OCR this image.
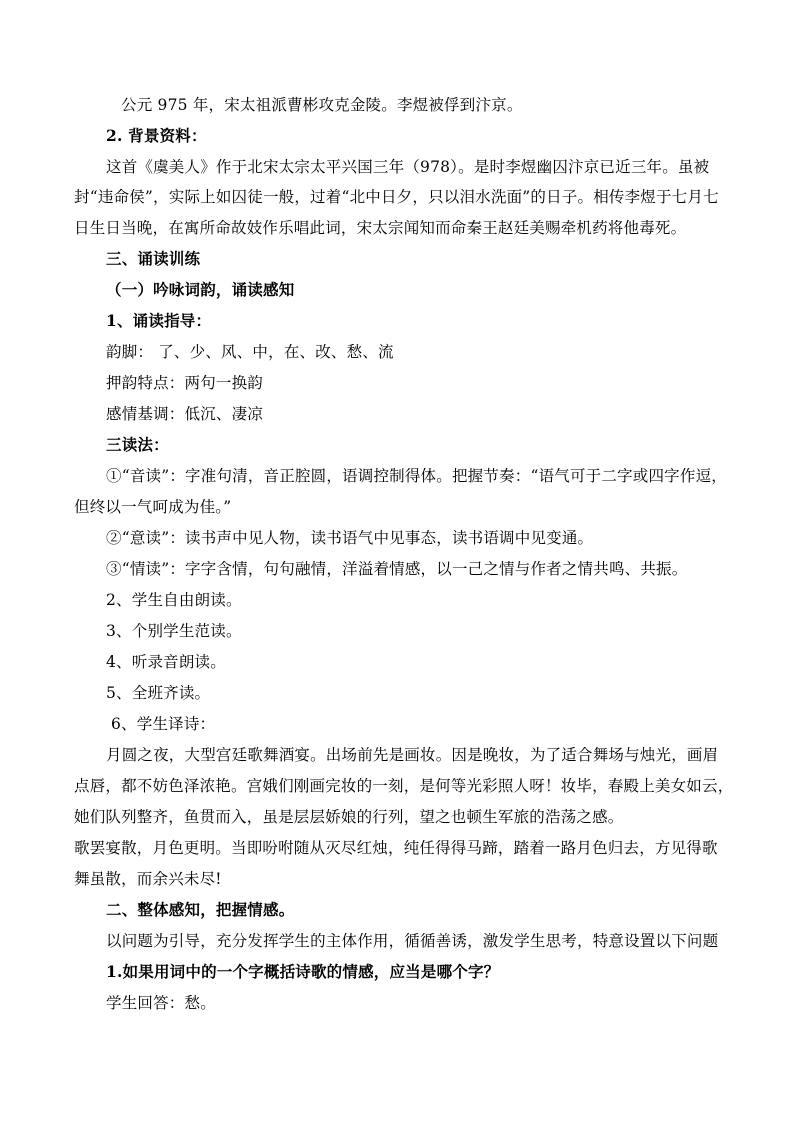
公元 975 年，宋太祖派曹彬攻克金陵。李煜被俘到汴京。
2. 背景资料：
这首《虞美人》作于北宋太宗太平兴国三年（978）。是时李煜幽囚汴京已近三年。虽被
封“违命侯”，实际上如囚徒一般，过着“北中日夕，只以泪水洗面”的日子。相传李煜于七月七
日生日当晚，在寓所命故妓作乐唱此词，宋太宗闻知而命秦王赵廷美赐牵机药将他毒死。
三、诵读训练
（一）吟咏词韵，诵读感知
1、诵读指导：
韵脚： 了、少、风、中，在、改、愁、流
押韵特点：两句一换韵
感情基调：低沉、凄凉
三读法：
①“音读”：字准句清，音正腔圆，语调控制得体。把握节奏：“语气可于二字或四字作逗，
但终以一气呵成为佳。”
②“意读”：读书声中见人物，读书语气中见事态，读书语调中见变通。
③“情读”：字字含情，句句融情，洋溢着情感，以一己之情与作者之情共鸣、共振。
2、学生自由朗读。
3、个别学生范读。
4、听录音朗读。
5、全班齐读。
6、学生译诗：
月圆之夜，大型宫廷歌舞酒宴。出场前先是画妆。因是晚妆，为了适合舞场与烛光，画眉
点唇，都不妨色泽浓艳。宫娥们刚画完妆的一刻，是何等光彩照人呀！妆毕，春殿上美女如云，
她们队列整齐，鱼贯而入，虽是层层娇娘的行列，望之也顿生军旅的浩荡之感。
歌罢宴散，月色更明。当即吩咐随从灭尽红烛，纯任得得马蹄，踏着一路月色归去，方见得歌
舞虽散，而余兴未尽!
二、整体感知，把握情感。
以问题为引导，充分发挥学生的主体作用，循循善诱，激发学生思考，特意设置以下问题
1.如果用词中的一个字概括诗歌的情感，应当是哪个字？
学生回答：愁。
